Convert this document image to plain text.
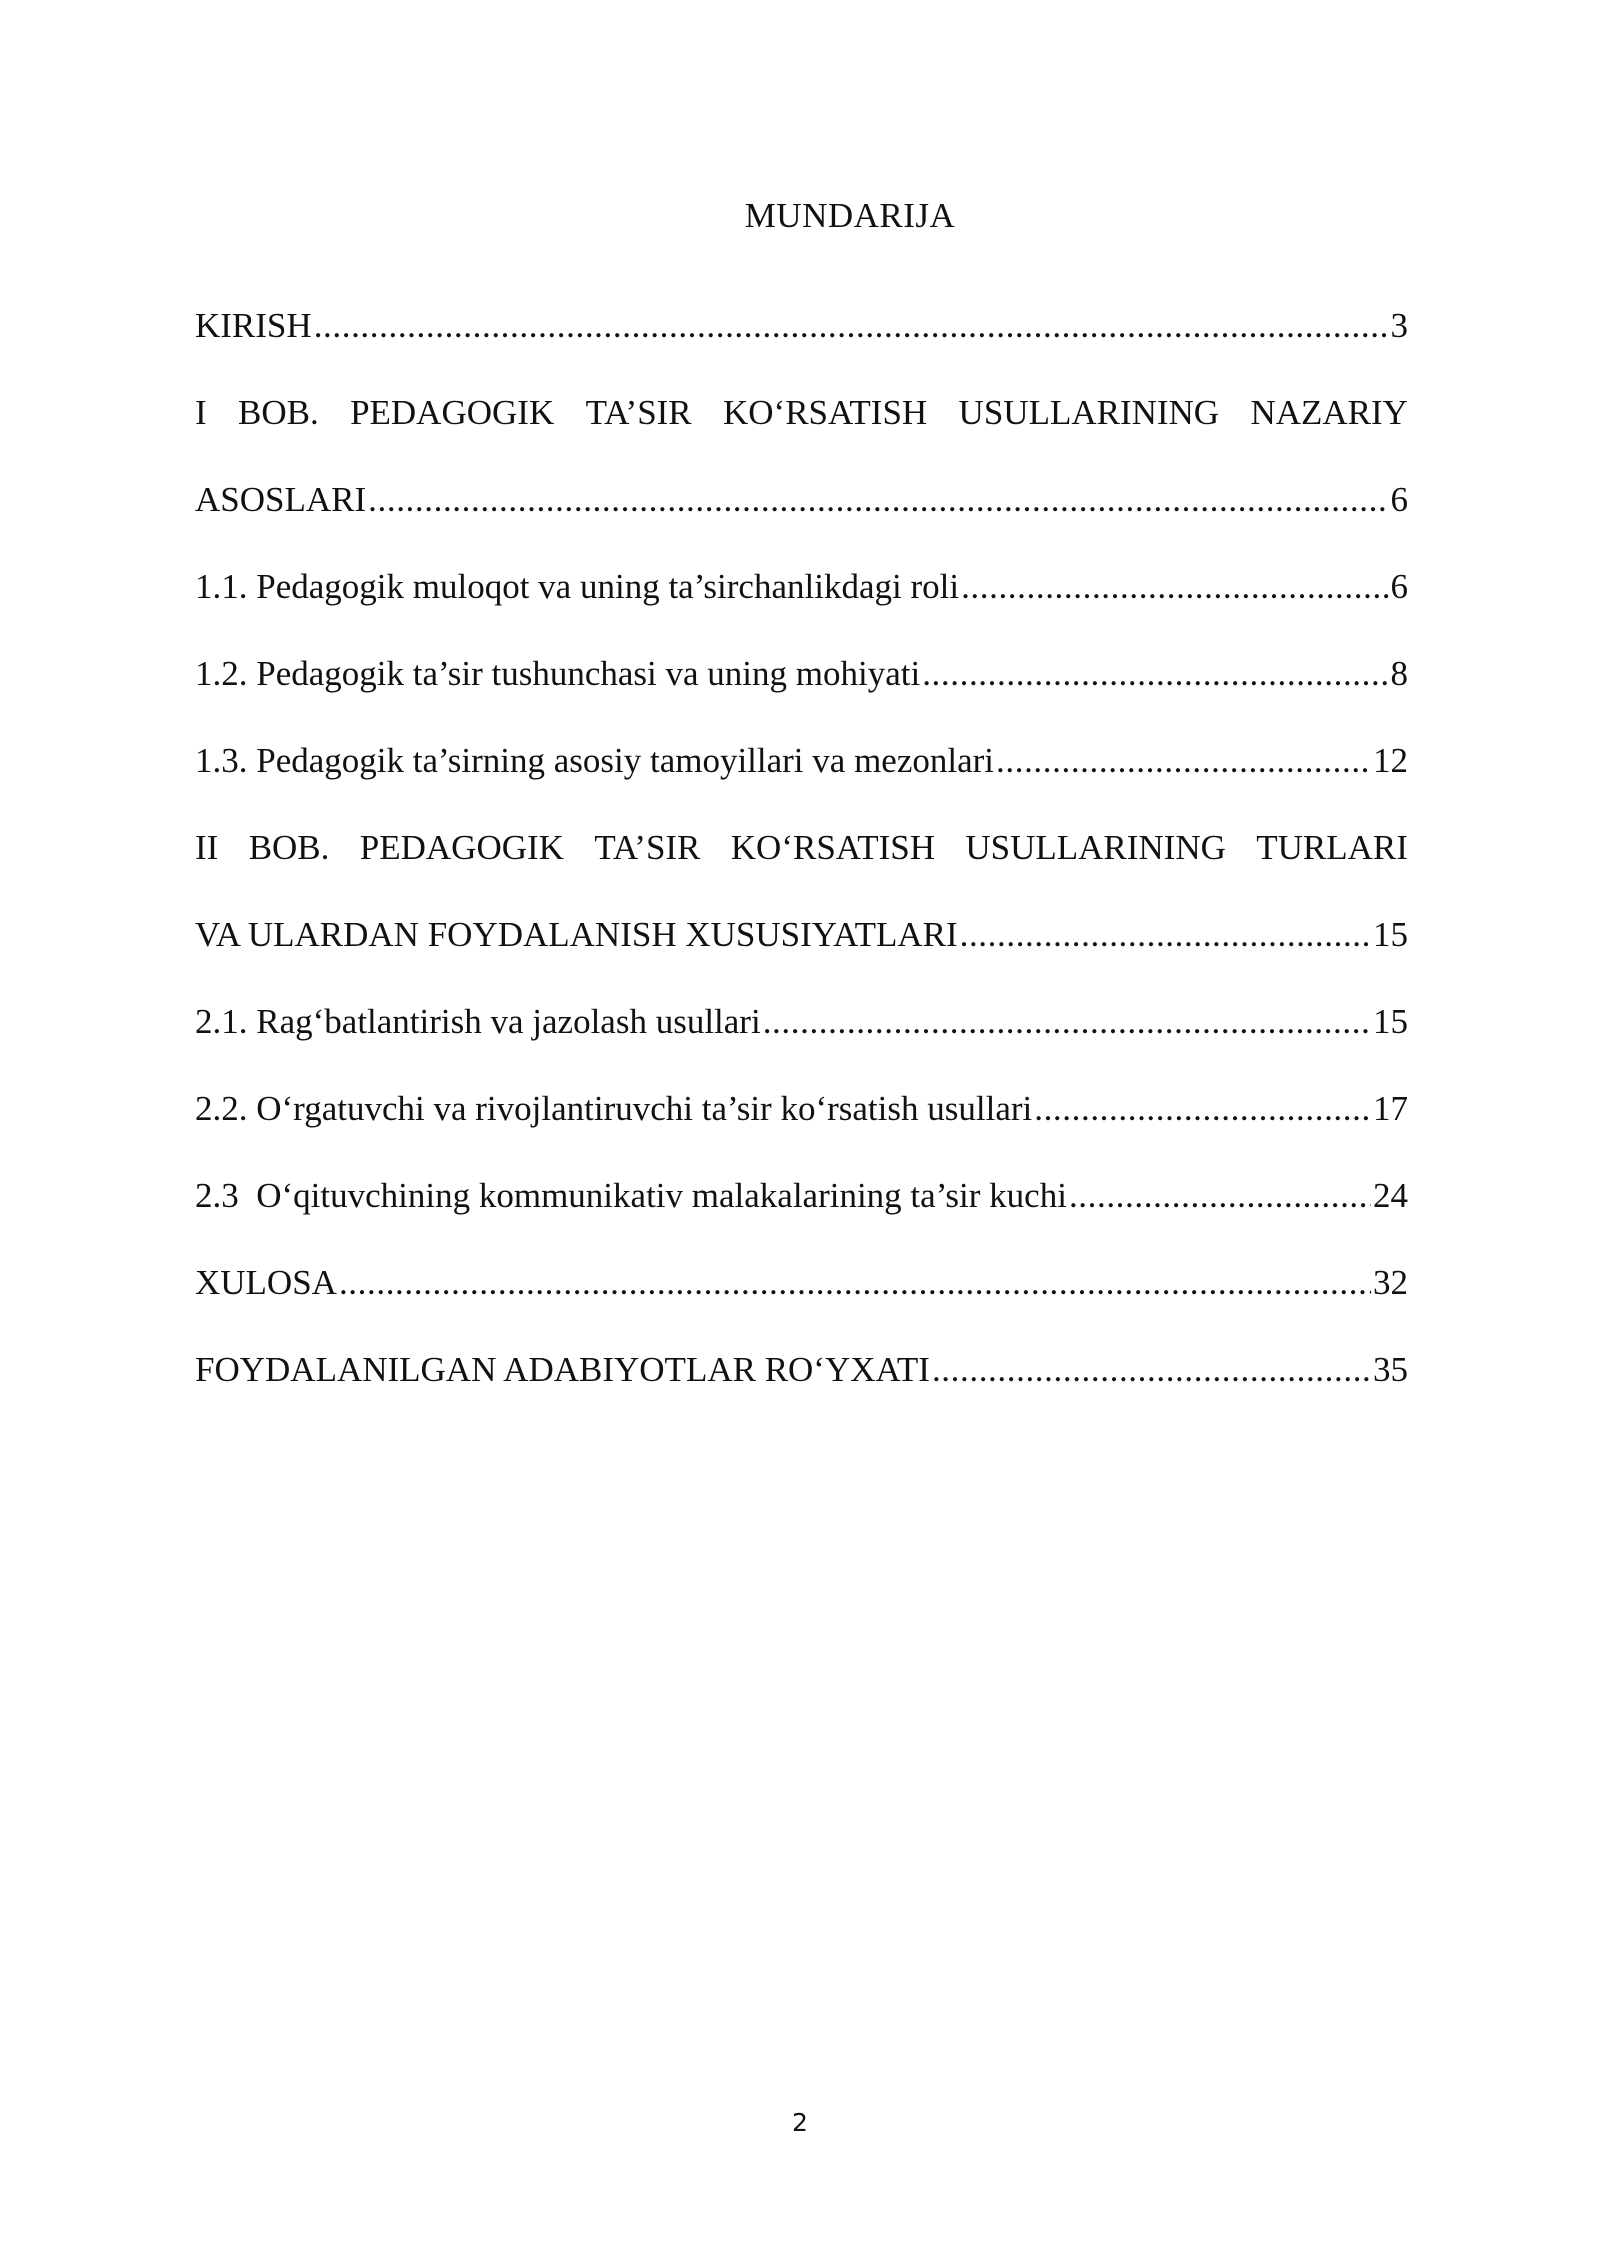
MUNDARIJA
KIRISH .....	3
I BOB. PEDAGOGIK TA’SIR KO‘RSATISH USULLARINING NAZARIY
ASOSLARI .....	6
1.1. Pedagogik muloqot va uning ta’sirchanlikdagi roli .....	6
1.2. Pedagogik ta’sir tushunchasi va uning mohiyati .....	8
1.3. Pedagogik ta’sirning asosiy tamoyillari va mezonlari .....	12
II BOB. PEDAGOGIK TA’SIR KO‘RSATISH USULLARINING TURLARI
VA ULARDAN FOYDALANISH XUSUSIYATLARI .....	15
2.1. Rag‘batlantirish va jazolash usullari .....	15
2.2. O‘rgatuvchi va rivojlantiruvchi ta’sir ko‘rsatish usullari .....	17
2.3  O‘qituvchining kommunikativ malakalarining ta’sir kuchi .....	24
XULOSA .....	32
FOYDALANILGAN ADABIYOTLAR RO‘YXATI .....	35
2
